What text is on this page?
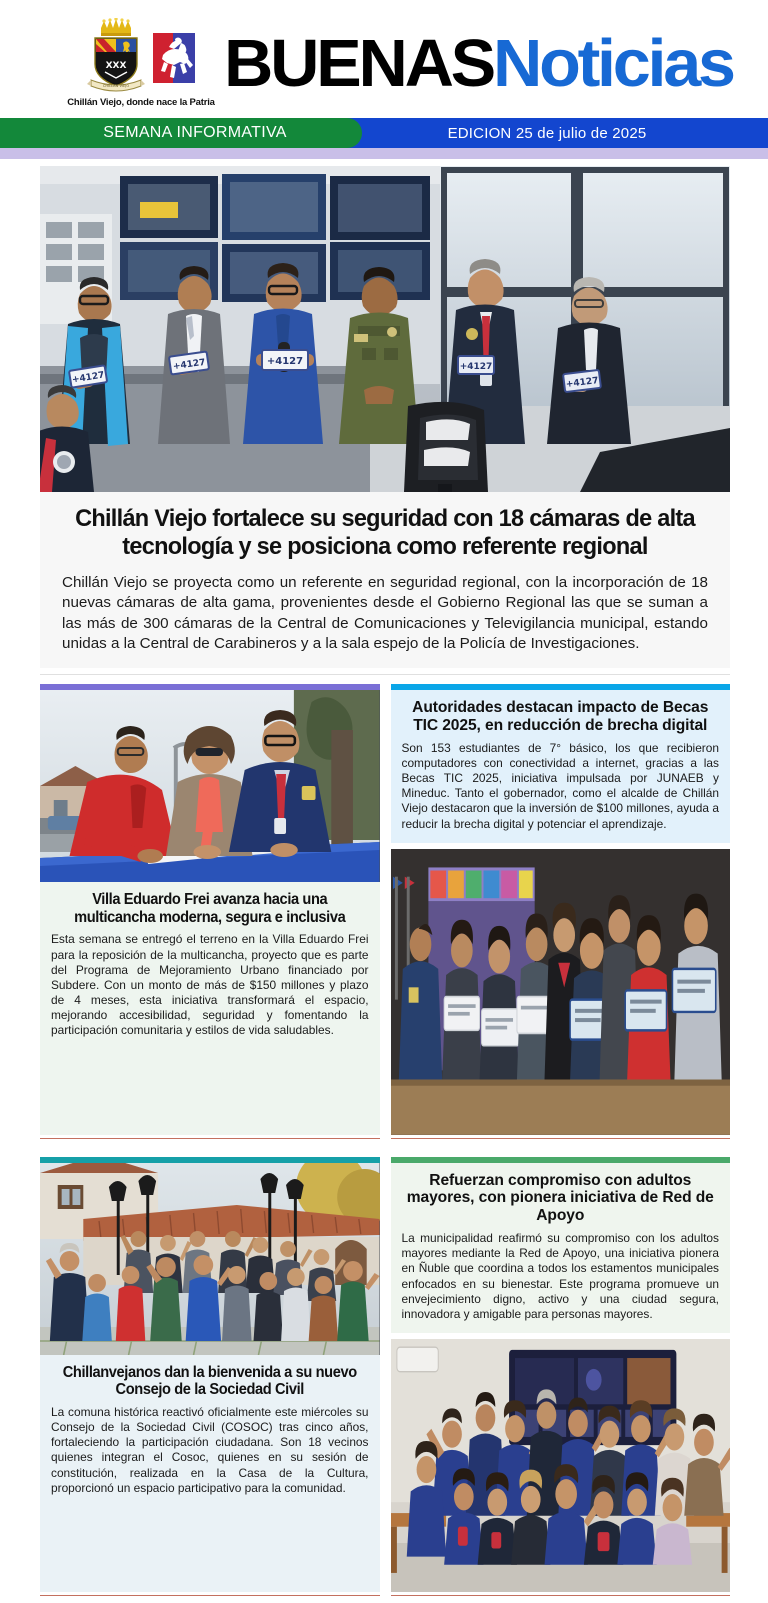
XXX
CHILLAN VIEJO
Chillán Viejo, donde nace la Patria
BUENASNoticias
SEMANA INFORMATIVA	EDICION 25 de julio de 2025
+4127
+4127	+4127	+4127
+4127
Chillán Viejo fortalece su seguridad con 18 cámaras de alta tecnología y se posiciona como referente regional

Chillán Viejo se proyecta como un referente en seguridad regional, con la incorporación de 18 nuevas cámaras de alta gama, provenientes desde el Gobierno Regional las que se suman a las más de 300 cámaras de la Central de Comunicaciones y Televigilancia municipal, estando unidas a la Central de Carabineros y a la sala espejo de la Policía de Investigaciones.

Villa Eduardo Frei avanza hacia una multicancha moderna, segura e inclusiva

Esta semana se entregó el terreno en la Villa Eduardo Frei para la reposición de la multicancha, proyecto que es parte del Programa de Mejoramiento Urbano financiado por Subdere. Con un monto de más de $150 millones y plazo de 4 meses, esta iniciativa transformará el espacio, mejorando accesibilidad, seguridad y fomentando la participación comunitaria y estilos de vida saludables.

Autoridades destacan impacto de Becas TIC 2025, en reducción de brecha digital

Son 153 estudiantes de 7° básico, los que recibieron computadores con conectividad a internet, gracias a las Becas TIC 2025, iniciativa impulsada por JUNAEB y Mineduc. Tanto el gobernador, como el alcalde de Chillán Viejo destacaron que la inversión de $100 millones, ayuda a reducir la brecha digital y potenciar el aprendizaje.

Chillanvejanos dan la bienvenida a su nuevo Consejo de la Sociedad Civil

La comuna histórica reactivó oficialmente este miércoles su Consejo de la Sociedad Civil (COSOC) tras cinco años, fortaleciendo la participación ciudadana. Son 18 vecinos quienes integran el Cosoc, quienes en su sesión de constitución, realizada en la Casa de la Cultura, proporcionó un espacio participativo para la comunidad.

Refuerzan compromiso con adultos mayores, con pionera iniciativa de Red de Apoyo

La municipalidad reafirmó su compromiso con los adultos mayores mediante la Red de Apoyo, una iniciativa pionera en Ñuble que coordina a todos los estamentos municipales enfocados en su bienestar. Este programa promueve un envejecimiento digno, activo y una ciudad segura, innovadora y amigable para personas mayores.
